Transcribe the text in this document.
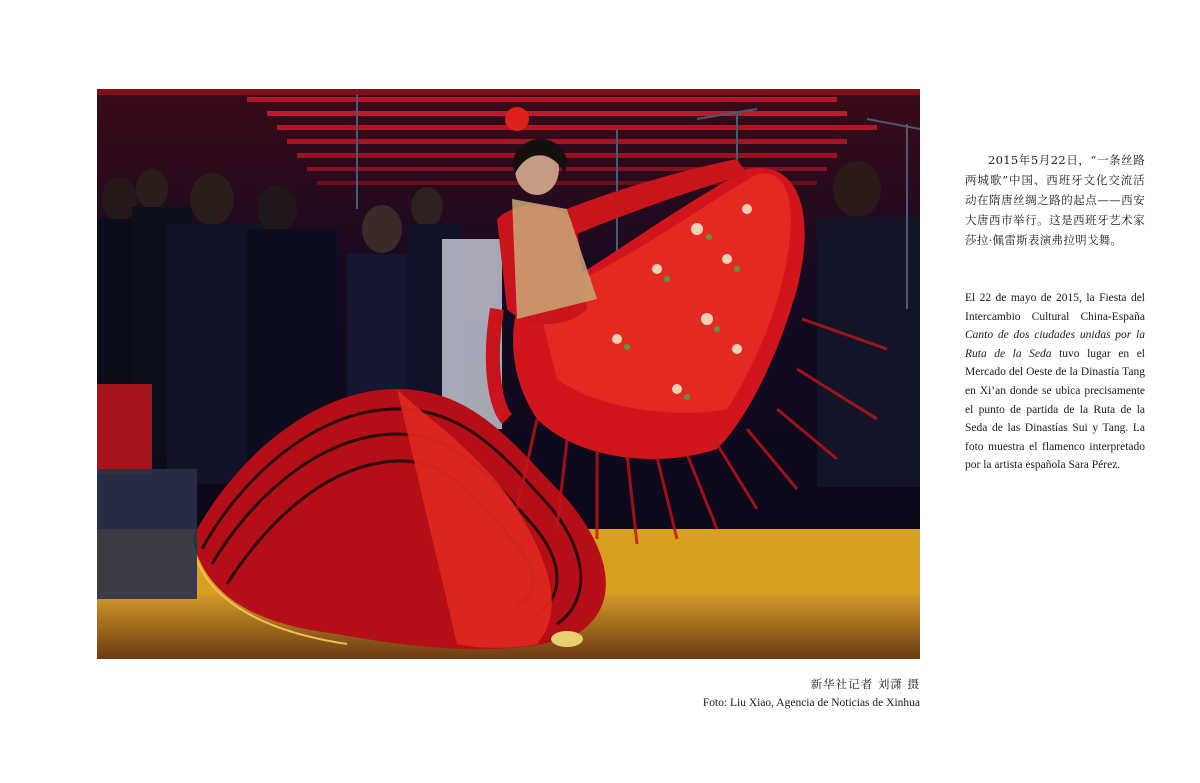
2015年5月22日，“一条丝路 两城歌”中国、西班牙文化交流活动在隋唐丝绸之路的起点——西安大唐西市举行。这是西班牙艺术家莎拉·佩雷斯表演弗拉明戈舞。

El 22 de mayo de 2015, la Fiesta del Intercambio Cultural China-España Canto de dos ciudades unidas por la Ruta de la Seda tuvo lugar en el Mercado del Oeste de la Dinastía Tang en Xi’an donde se ubica precisamente el punto de partida de la Ruta de la Seda de las Dinastías Sui y Tang. La foto muestra el flamenco interpretado por la artista española Sara Pérez.

新华社记者 刘潇 摄

Foto: Liu Xiao, Agencia de Noticias de Xinhua
